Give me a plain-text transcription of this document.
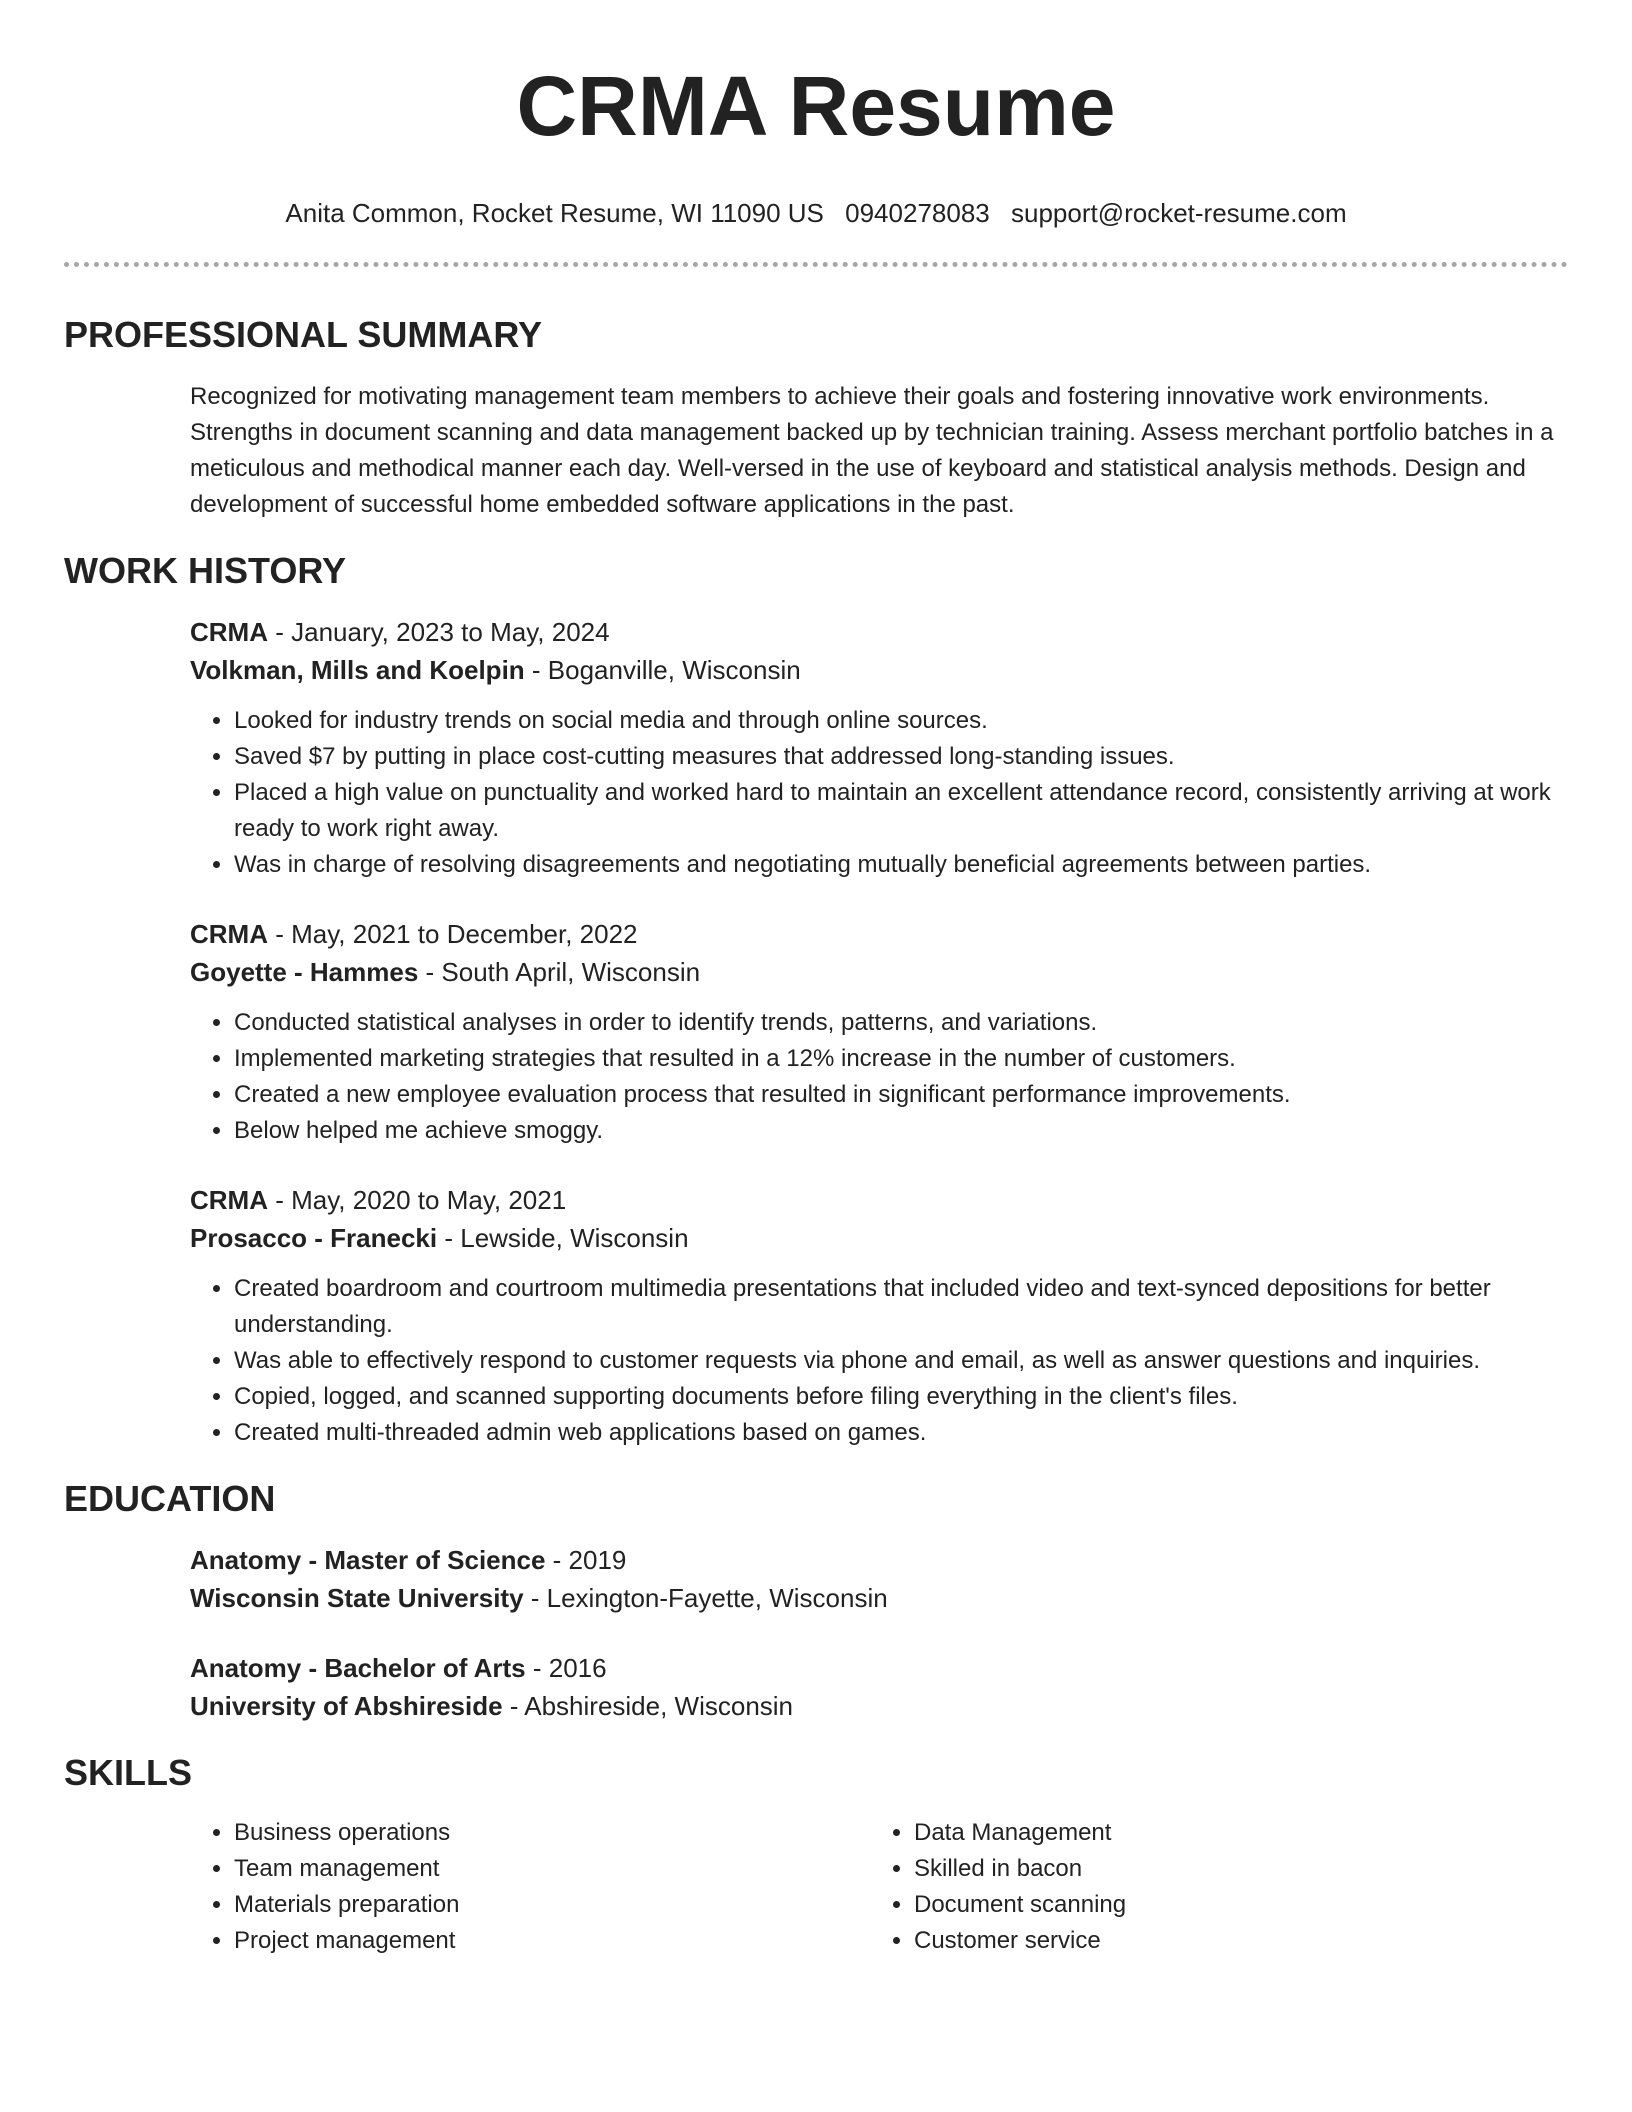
CRMA Resume
Anita Common, Rocket Resume, WI 11090 US 0940278083 support@rocket-resume.com
PROFESSIONAL SUMMARY
Recognized for motivating management team members to achieve their goals and fostering innovative work environments. Strengths in document scanning and data management backed up by technician training. Assess merchant portfolio batches in a meticulous and methodical manner each day. Well-versed in the use of keyboard and statistical analysis methods. Design and development of successful home embedded software applications in the past.
WORK HISTORY
CRMA - January, 2023 to May, 2024
Volkman, Mills and Koelpin - Boganville, Wisconsin
• Looked for industry trends on social media and through online sources.
• Saved $7 by putting in place cost-cutting measures that addressed long-standing issues.
• Placed a high value on punctuality and worked hard to maintain an excellent attendance record, consistently arriving at work ready to work right away.
• Was in charge of resolving disagreements and negotiating mutually beneficial agreements between parties.
CRMA - May, 2021 to December, 2022
Goyette - Hammes - South April, Wisconsin
• Conducted statistical analyses in order to identify trends, patterns, and variations.
• Implemented marketing strategies that resulted in a 12% increase in the number of customers.
• Created a new employee evaluation process that resulted in significant performance improvements.
• Below helped me achieve smoggy.
CRMA - May, 2020 to May, 2021
Prosacco - Franecki - Lewside, Wisconsin
• Created boardroom and courtroom multimedia presentations that included video and text-synced depositions for better understanding.
• Was able to effectively respond to customer requests via phone and email, as well as answer questions and inquiries.
• Copied, logged, and scanned supporting documents before filing everything in the client's files.
• Created multi-threaded admin web applications based on games.
EDUCATION
Anatomy - Master of Science - 2019
Wisconsin State University - Lexington-Fayette, Wisconsin
Anatomy - Bachelor of Arts - 2016
University of Abshireside - Abshireside, Wisconsin
SKILLS
• Business operations
• Team management
• Materials preparation
• Project management
• Data Management
• Skilled in bacon
• Document scanning
• Customer service
